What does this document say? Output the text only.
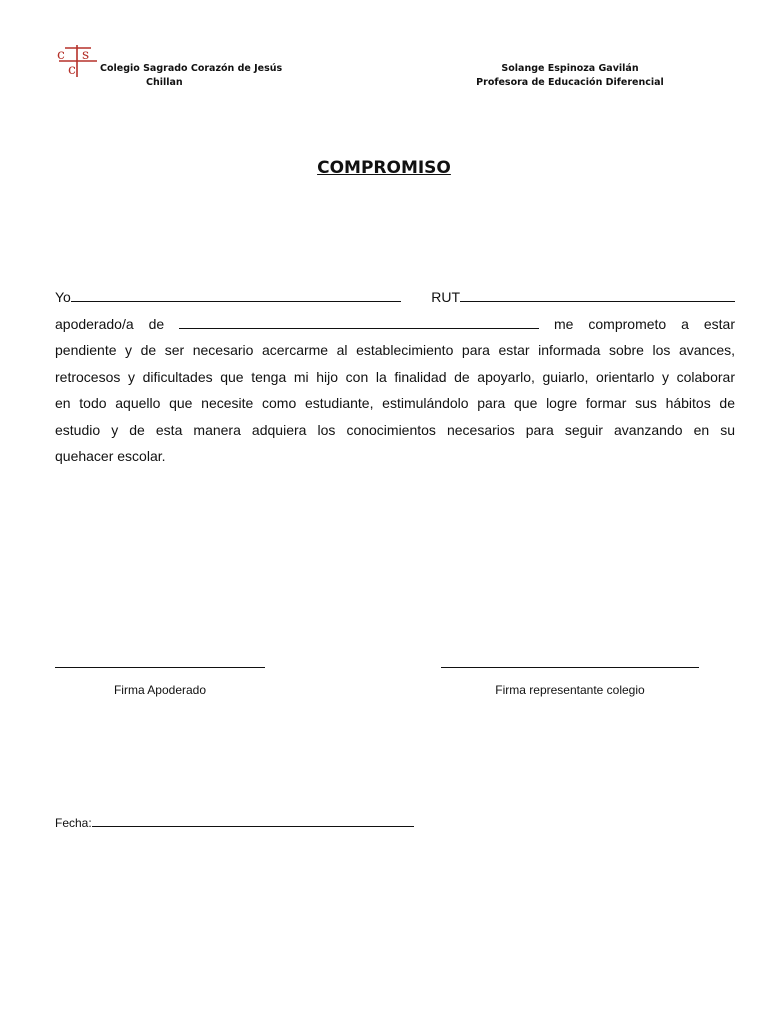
c s
c	Colegio Sagrado Corazón de Jesús
Chillan
Solange Espinoza Gavilán
Profesora de Educación Diferencial
COMPROMISO
Yo	RUT
apoderado/a de	me comprometo a estar
pendiente y de ser necesario acercarme al establecimiento para estar informada sobre los avances,
retrocesos y dificultades que tenga mi hijo con la finalidad de apoyarlo, guiarlo, orientarlo y colaborar
en todo aquello que necesite como estudiante, estimulándolo para que logre formar sus hábitos de
estudio y de esta manera adquiera los conocimientos necesarios para seguir avanzando en su
quehacer escolar.
Firma Apoderado	Firma representante colegio
Fecha:
